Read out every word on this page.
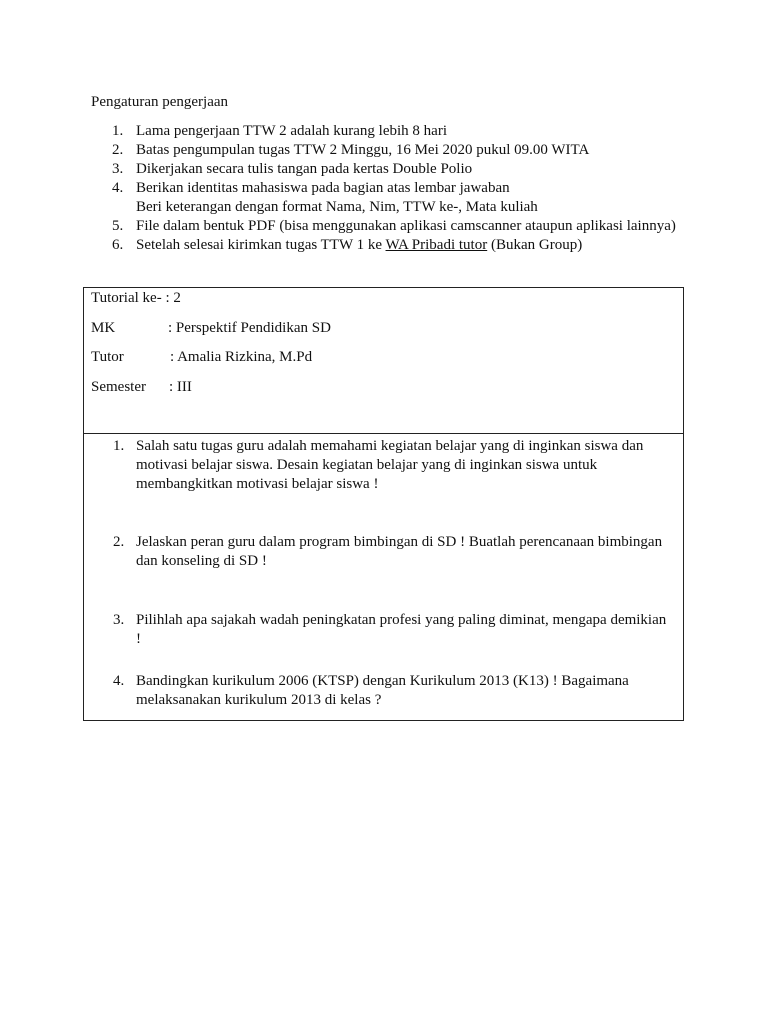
Pengaturan pengerjaan
1. Lama pengerjaan TTW 2 adalah kurang lebih 8 hari
2. Batas pengumpulan tugas TTW 2 Minggu, 16 Mei 2020 pukul 09.00 WITA
3. Dikerjakan secara tulis tangan pada kertas Double Polio
4. Berikan identitas mahasiswa pada bagian atas lembar jawaban
Beri keterangan dengan format Nama, Nim, TTW ke-, Mata kuliah
5. File dalam bentuk PDF (bisa menggunakan aplikasi camscanner ataupun aplikasi lainnya)
6. Setelah selesai kirimkan tugas TTW 1 ke WA Pribadi tutor (Bukan Group)
Tutorial ke- : 2
MK	: Perspektif Pendidikan SD
Tutor	: Amalia Rizkina, M.Pd
Semester : III
1. Salah satu tugas guru adalah memahami kegiatan belajar yang di inginkan siswa dan
motivasi belajar siswa. Desain kegiatan belajar yang di inginkan siswa untuk
membangkitkan motivasi belajar siswa !
2. Jelaskan peran guru dalam program bimbingan di SD ! Buatlah perencanaan bimbingan
dan konseling di SD !
3. Pilihlah apa sajakah wadah peningkatan profesi yang paling diminat, mengapa demikian !
4. Bandingkan kurikulum 2006 (KTSP) dengan Kurikulum 2013 (K13) ! Bagaimana
melaksanakan kurikulum 2013 di kelas ?
